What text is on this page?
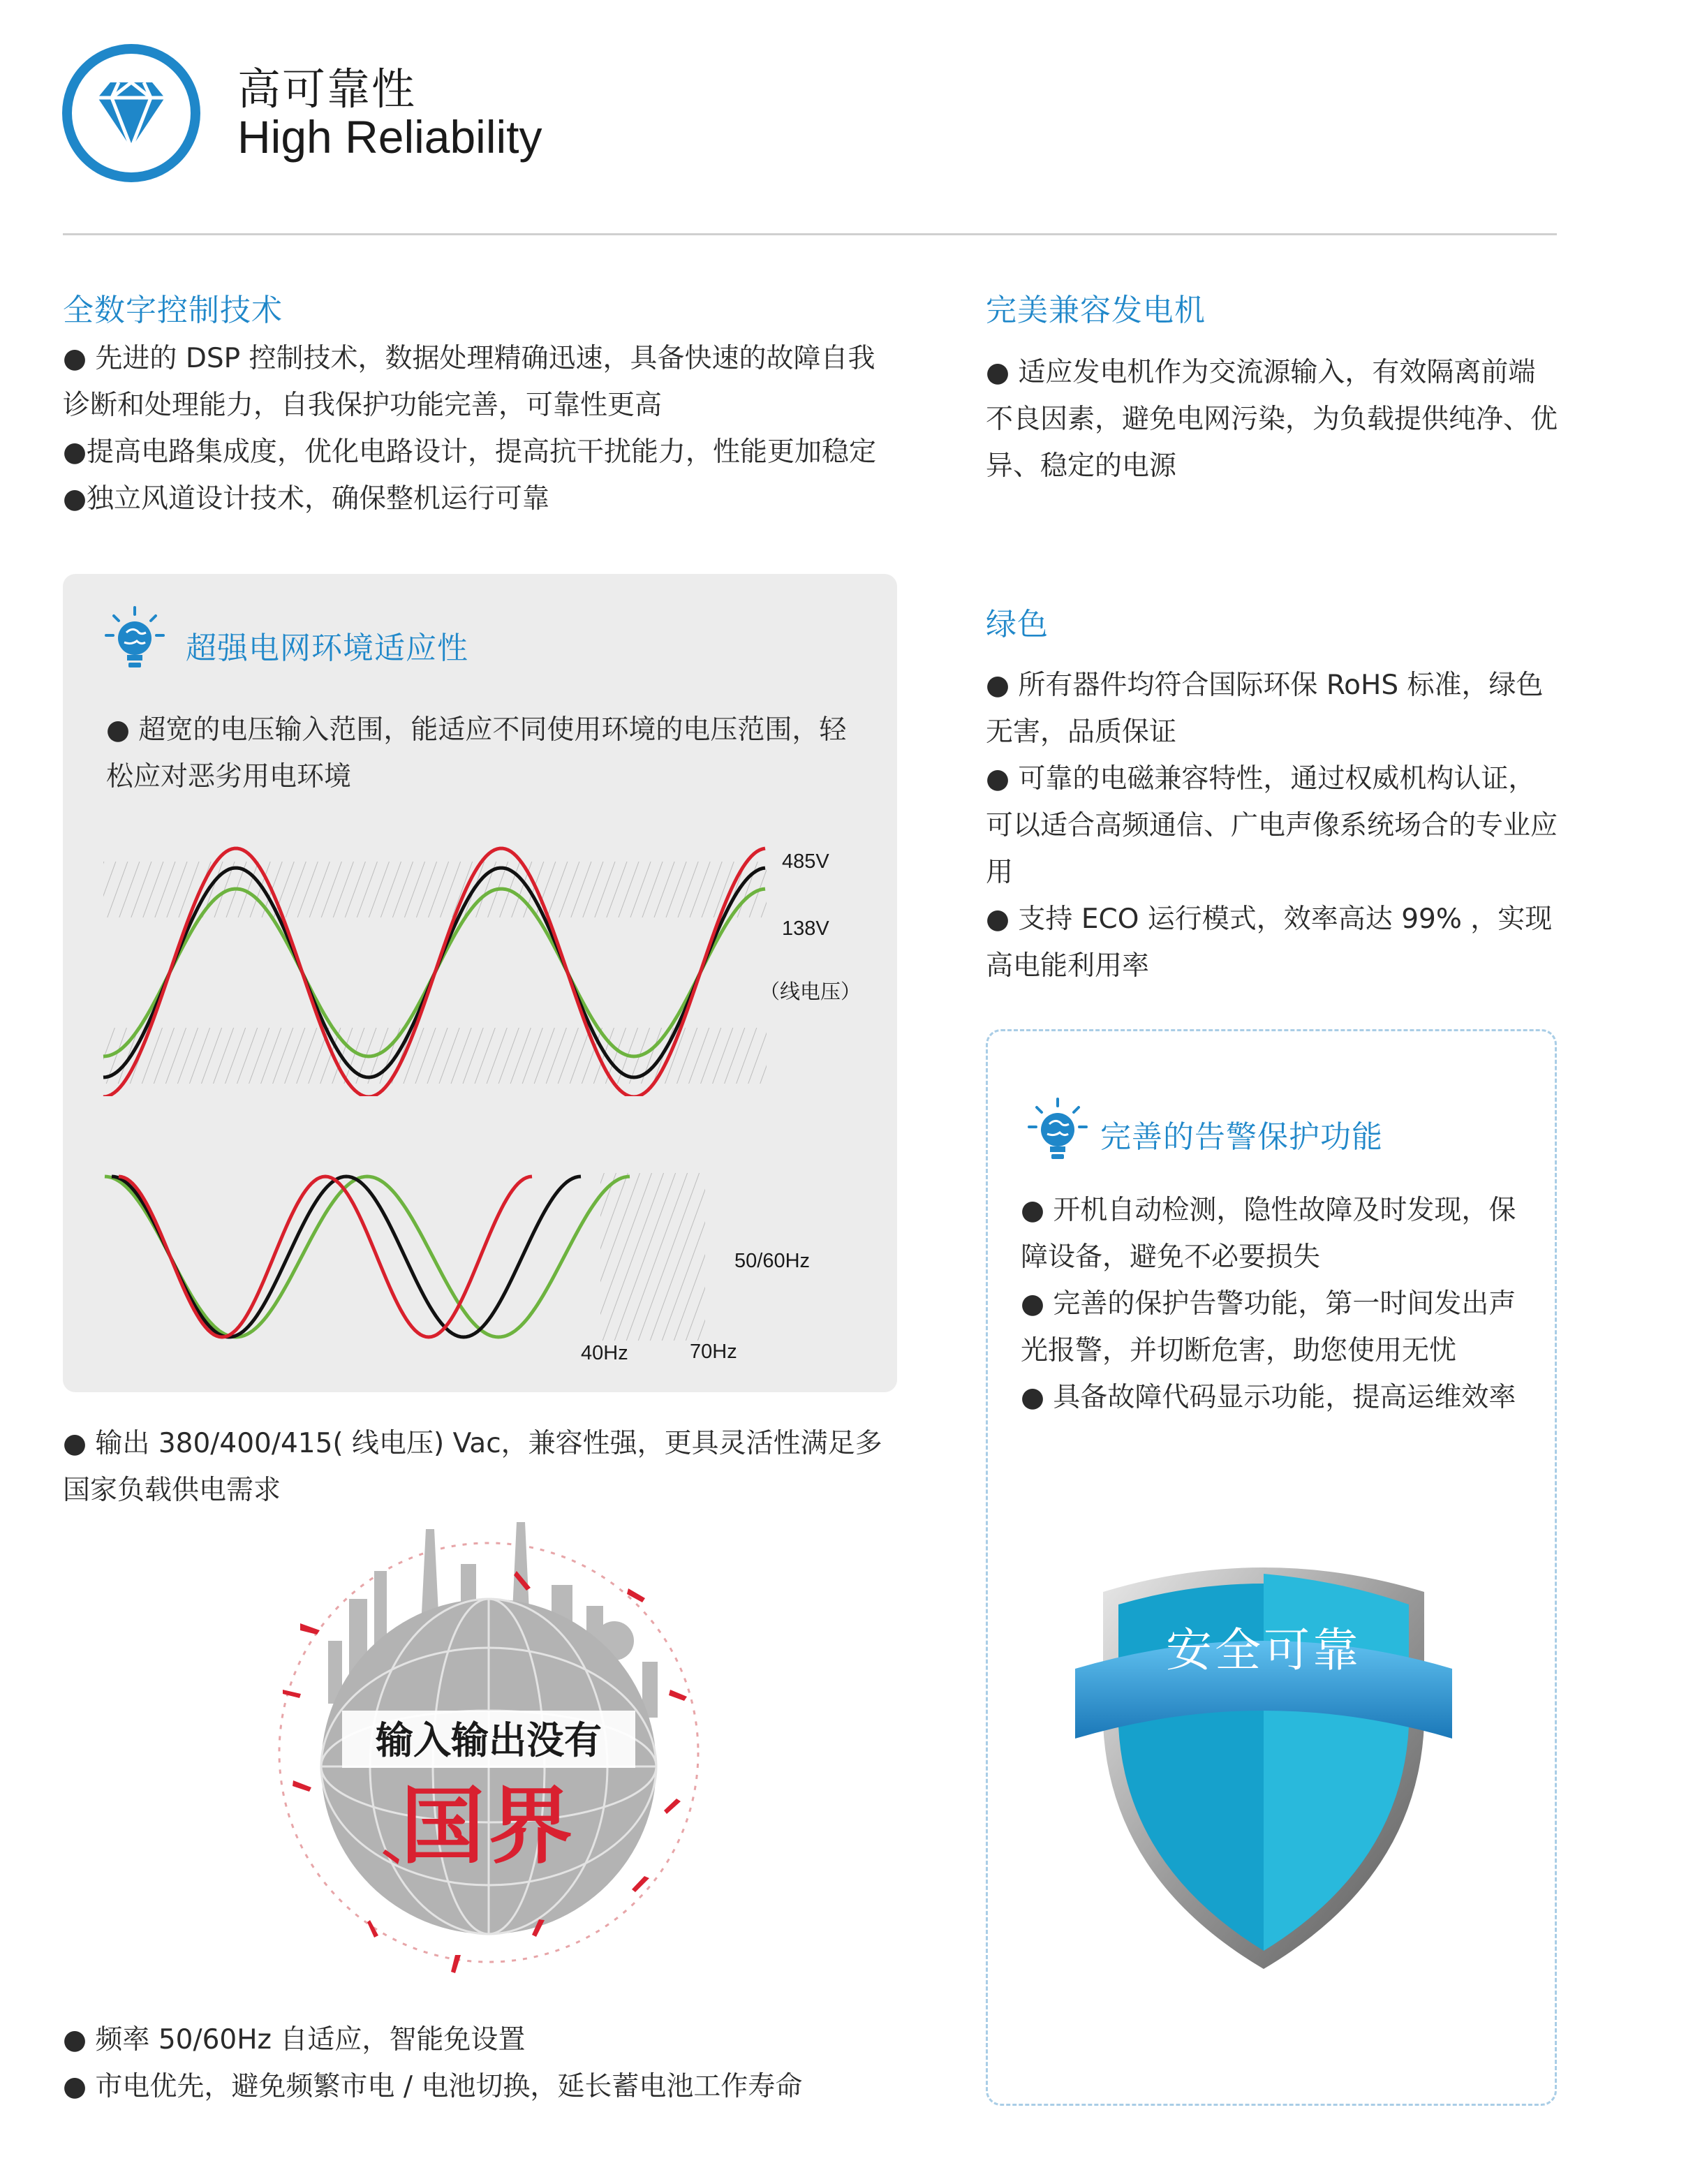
高可靠性
High Reliability
全数字控制技术

● 先进的 DSP 控制技术，数据处理精确迅速，具备快速的故障自我诊断和处理能力，自我保护功能完善，可靠性更高

●提高电路集成度，优化电路设计，提高抗干扰能力，性能更加稳定

●独立风道设计技术，确保整机运行可靠

超强电网环境适应性
● 超宽的电压输入范围，能适应不同使用环境的电压范围，轻松应对恶劣用电环境
485V
138V
（线电压）
50/60Hz
40Hz	70Hz
● 输出 380/400/415( 线电压) Vac，兼容性强，更具灵活性满足多国家负载供电需求
输入输出没有
国界

● 频率 50/60Hz 自适应，智能免设置

● 市电优先，避免频繁市电 / 电池切换，延长蓄电池工作寿命

完美兼容发电机
● 适应发电机作为交流源输入，有效隔离前端不良因素，避免电网污染，为负载提供纯净、优异、稳定的电源
绿色

● 所有器件均符合国际环保 RoHS 标准，绿色无害，品质保证

● 可靠的电磁兼容特性，通过权威机构认证，可以适合高频通信、广电声像系统场合的专业应用

● 支持 ECO 运行模式，效率高达 99% ，实现高电能利用率

完善的告警保护功能

● 开机自动检测，隐性故障及时发现，保障设备，避免不必要损失

● 完善的保护告警功能，第一时间发出声光报警，并切断危害，助您使用无忧

● 具备故障代码显示功能，提高运维效率

安全可靠
